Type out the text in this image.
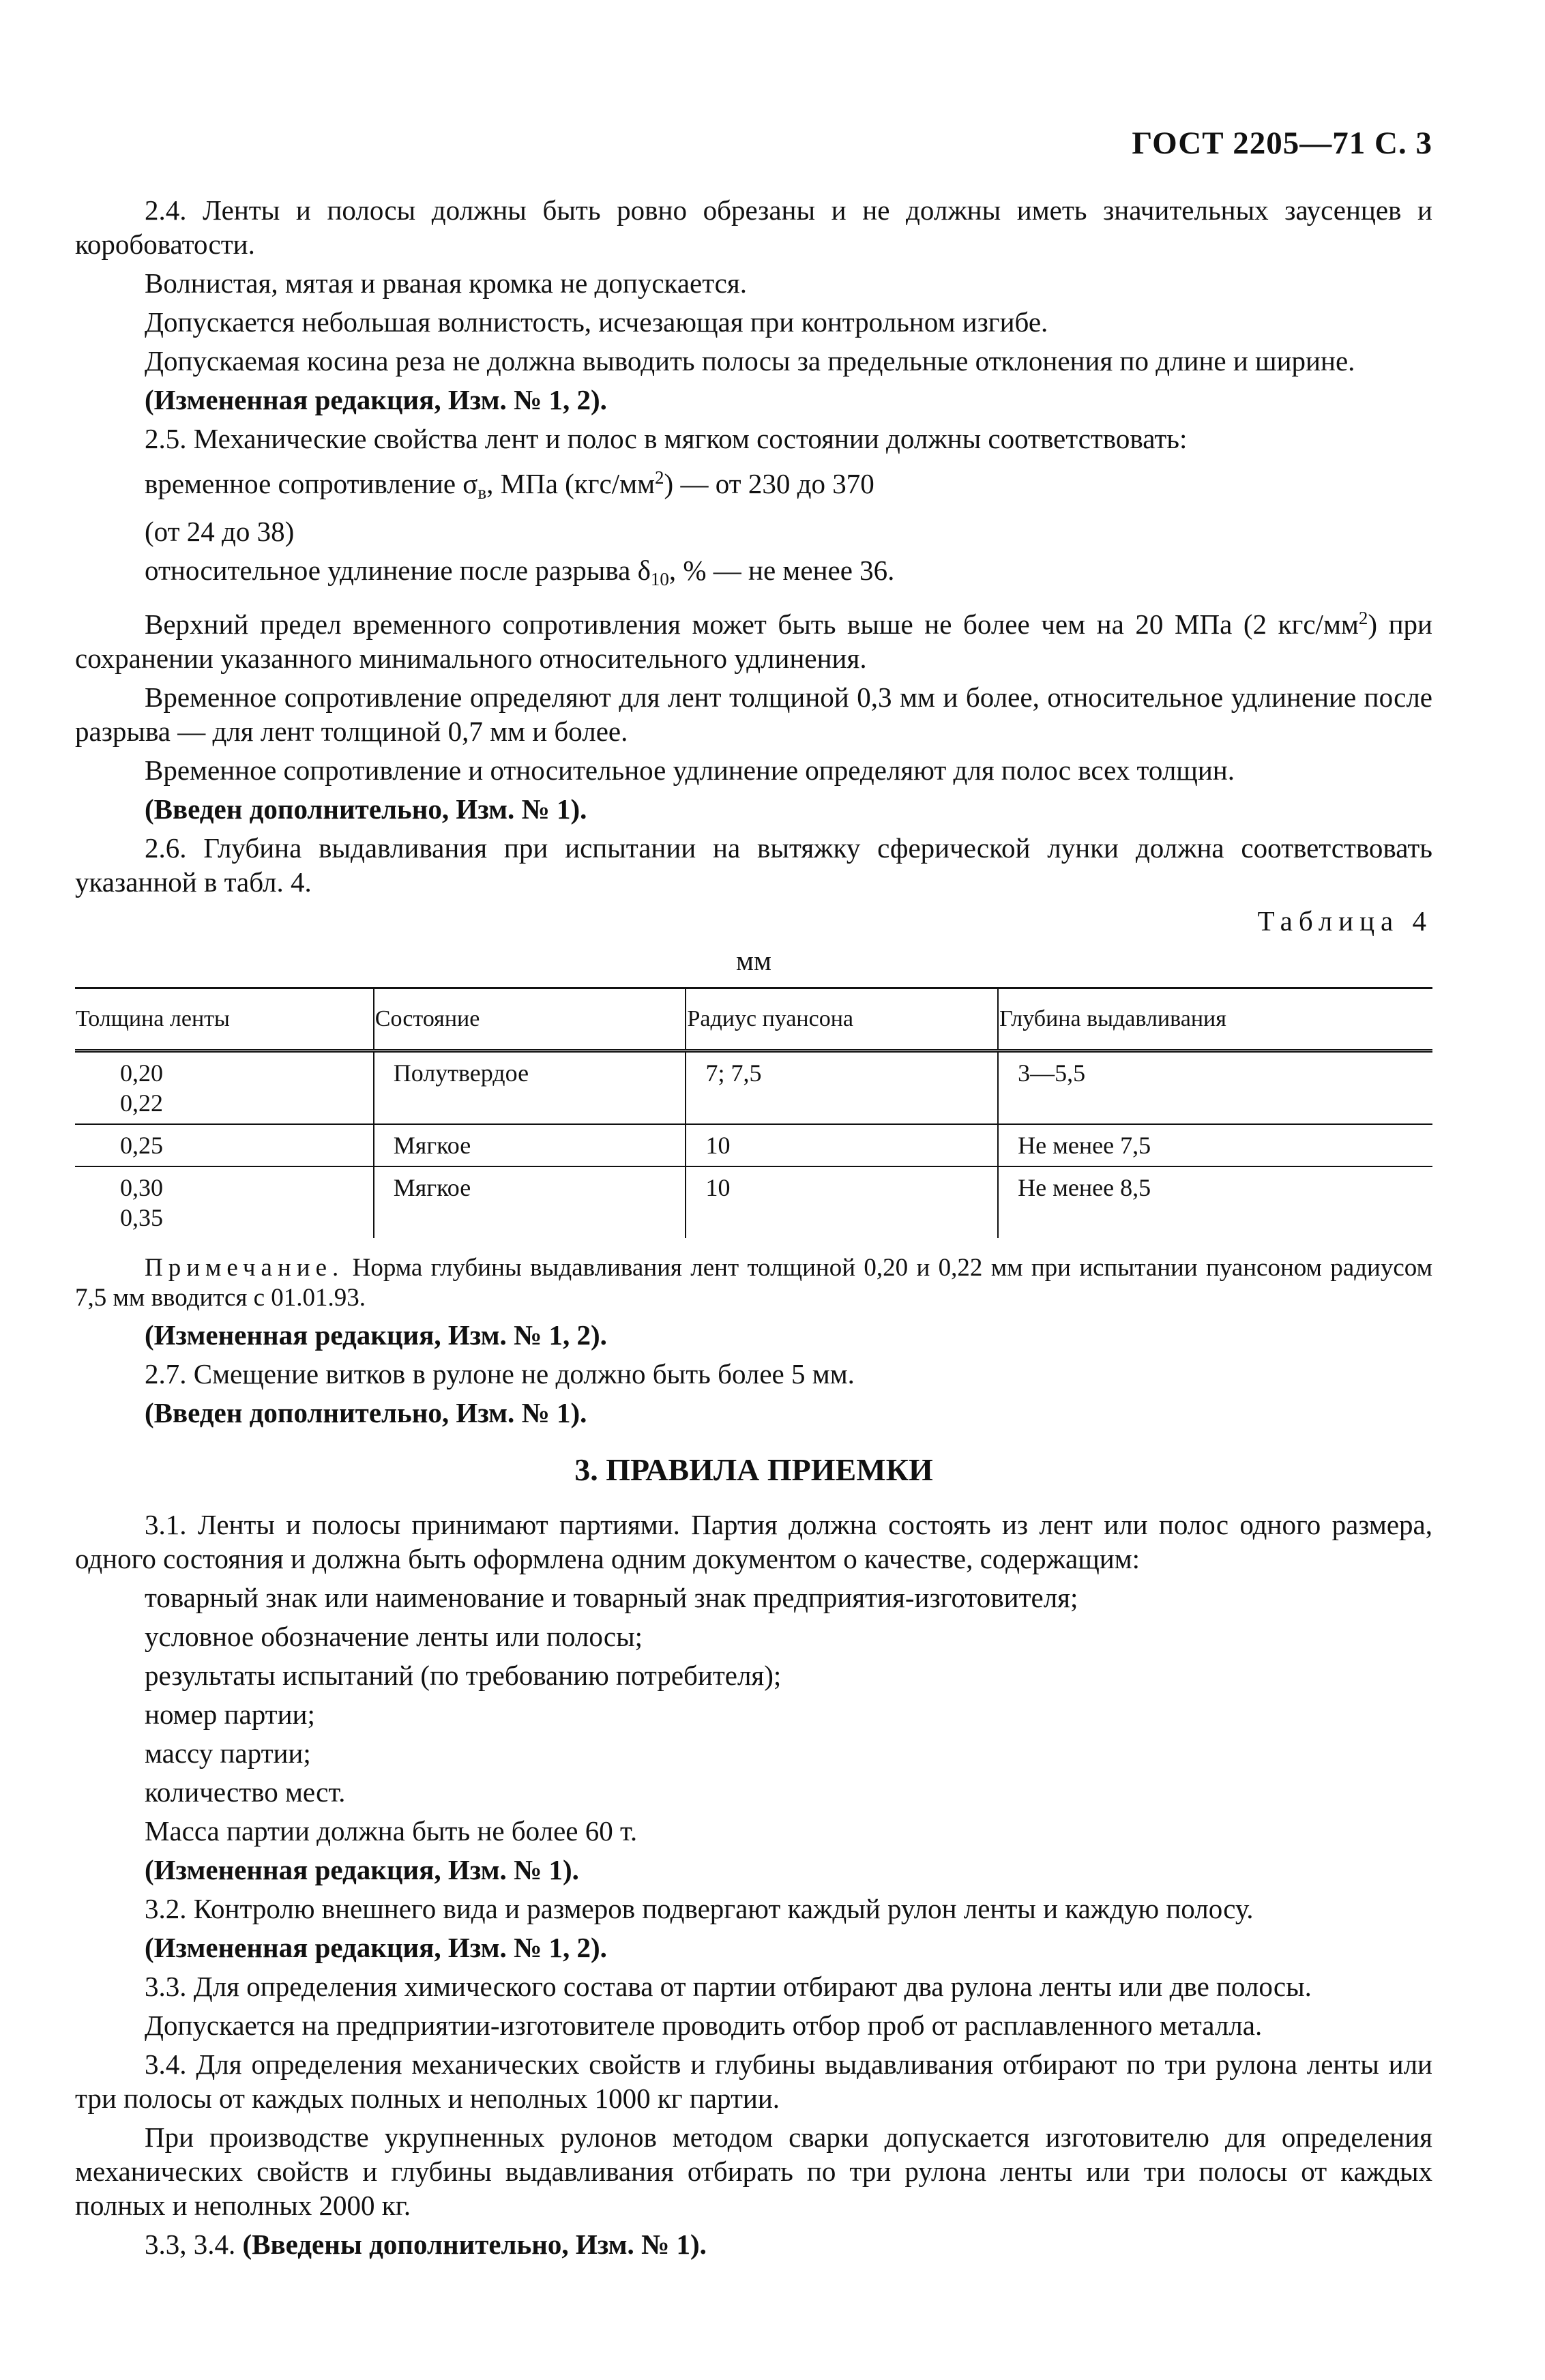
ГОСТ 2205—71 С. 3

2.4. Ленты и полосы должны быть ровно обрезаны и не должны иметь значительных заусенцев и коробоватости.

Волнистая, мятая и рваная кромка не допускается.

Допускается небольшая волнистость, исчезающая при контрольном изгибе.

Допускаемая косина реза не должна выводить полосы за предельные отклонения по длине и ширине.

(Измененная редакция, Изм. № 1, 2).

2.5. Механические свойства лент и полос в мягком состоянии должны соответствовать:

временное сопротивление $\sigma_в$, МПа $(кгс/мм^2)$ — от 230 до 370

(от 24 до 38)

относительное удлинение после разрыва $\delta_{10}$, % — не менее 36.

Верхний предел временного сопротивления может быть выше не более чем на 20 МПа (2 кгс/$мм^2$) при сохранении указанного минимального относительного удлинения.

Временное сопротивление определяют для лент толщиной 0,3 мм и более, относительное удлинение после разрыва — для лент толщиной 0,7 мм и более.

Временное сопротивление и относительное удлинение определяют для полос всех толщин.

(Введен дополнительно, Изм. № 1).

2.6. Глубина выдавливания при испытании на вытяжку сферической лунки должна соответствовать указанной в табл. 4.

Таблица 4
мм
Толщина ленты	Состояние	Радиус пуансона	Глубина выдавливания

0,20
0,22	Полутвердое	7; 7,5	3—5,5

0,25	Мягкое	10	Не менее 7,5

0,30
0,35	Мягкое	10	Не менее 8,5

Примечание. Норма глубины выдавливания лент толщиной 0,20 и 0,22 мм при испытании пуансоном радиусом 7,5 мм вводится с 01.01.93.

(Измененная редакция, Изм. № 1, 2).

2.7. Смещение витков в рулоне не должно быть более 5 мм.

(Введен дополнительно, Изм. № 1).

3. ПРАВИЛА ПРИЕМКИ

3.1. Ленты и полосы принимают партиями. Партия должна состоять из лент или полос одного размера, одного состояния и должна быть оформлена одним документом о качестве, содержащим:

товарный знак или наименование и товарный знак предприятия-изготовителя;

условное обозначение ленты или полосы;

результаты испытаний (по требованию потребителя);

номер партии;

массу партии;

количество мест.

Масса партии должна быть не более 60 т.

(Измененная редакция, Изм. № 1).

3.2. Контролю внешнего вида и размеров подвергают каждый рулон ленты и каждую полосу.

(Измененная редакция, Изм. № 1, 2).

3.3. Для определения химического состава от партии отбирают два рулона ленты или две полосы.

Допускается на предприятии-изготовителе проводить отбор проб от расплавленного металла.

3.4. Для определения механических свойств и глубины выдавливания отбирают по три рулона ленты или три полосы от каждых полных и неполных 1000 кг партии.

При производстве укрупненных рулонов методом сварки допускается изготовителю для определения механических свойств и глубины выдавливания отбирать по три рулона ленты или три полосы от каждых полных и неполных 2000 кг.

3.3, 3.4. (Введены дополнительно, Изм. № 1).
